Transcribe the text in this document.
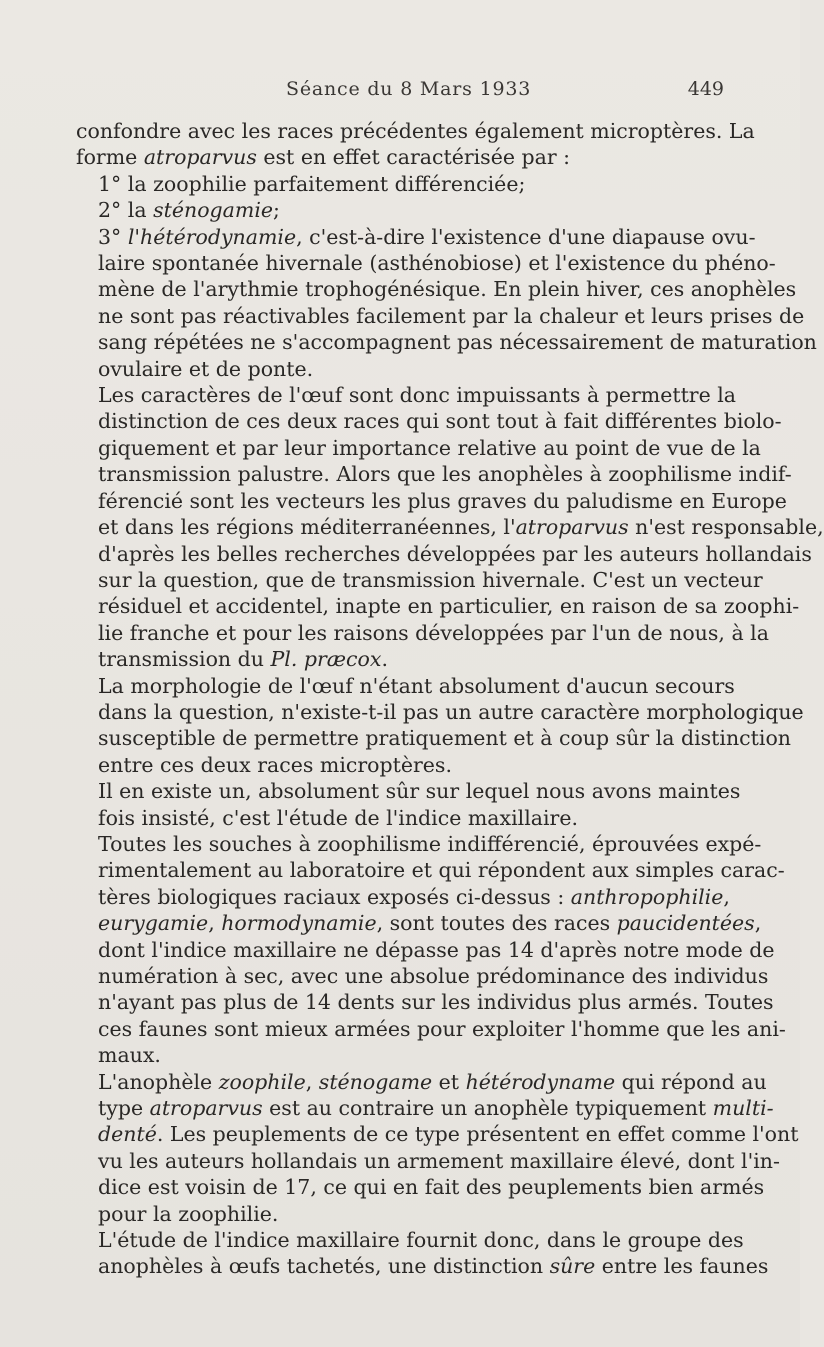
Séance du 8 Mars 1933	449
confondre avec les races précédentes également microptères. La
forme atroparvus est en effet caractérisée par :
1° la zoophilie parfaitement différenciée;
2° la sténogamie;
3° l'hétérodynamie, c'est-à-dire l'existence d'une diapause ovu-
laire spontanée hivernale (asthénobiose) et l'existence du phéno-
mène de l'arythmie trophogénésique. En plein hiver, ces anophèles
ne sont pas réactivables facilement par la chaleur et leurs prises de
sang répétées ne s'accompagnent pas nécessairement de maturation
ovulaire et de ponte.
Les caractères de l'œuf sont donc impuissants à permettre la
distinction de ces deux races qui sont tout à fait différentes biolo-
giquement et par leur importance relative au point de vue de la
transmission palustre. Alors que les anophèles à zoophilisme indif-
férencié sont les vecteurs les plus graves du paludisme en Europe
et dans les régions méditerranéennes, l'atroparvus n'est responsable,
d'après les belles recherches développées par les auteurs hollandais
sur la question, que de transmission hivernale. C'est un vecteur
résiduel et accidentel, inapte en particulier, en raison de sa zoophi-
lie franche et pour les raisons développées par l'un de nous, à la
transmission du Pl. præcox.
La morphologie de l'œuf n'étant absolument d'aucun secours
dans la question, n'existe-t-il pas un autre caractère morphologique
susceptible de permettre pratiquement et à coup sûr la distinction
entre ces deux races microptères.
Il en existe un, absolument sûr sur lequel nous avons maintes
fois insisté, c'est l'étude de l'indice maxillaire.
Toutes les souches à zoophilisme indifférencié, éprouvées expé-
rimentalement au laboratoire et qui répondent aux simples carac-
tères biologiques raciaux exposés ci-dessus : anthropophilie,
eurygamie, hormodynamie, sont toutes des races paucidentées,
dont l'indice maxillaire ne dépasse pas 14 d'après notre mode de
numération à sec, avec une absolue prédominance des individus
n'ayant pas plus de 14 dents sur les individus plus armés. Toutes
ces faunes sont mieux armées pour exploiter l'homme que les ani-
maux.
L'anophèle zoophile, sténogame et hétérodyname qui répond au
type atroparvus est au contraire un anophèle typiquement multi-
denté. Les peuplements de ce type présentent en effet comme l'ont
vu les auteurs hollandais un armement maxillaire élevé, dont l'in-
dice est voisin de 17, ce qui en fait des peuplements bien armés
pour la zoophilie.
L'étude de l'indice maxillaire fournit donc, dans le groupe des
anophèles à œufs tachetés, une distinction sûre entre les faunes
